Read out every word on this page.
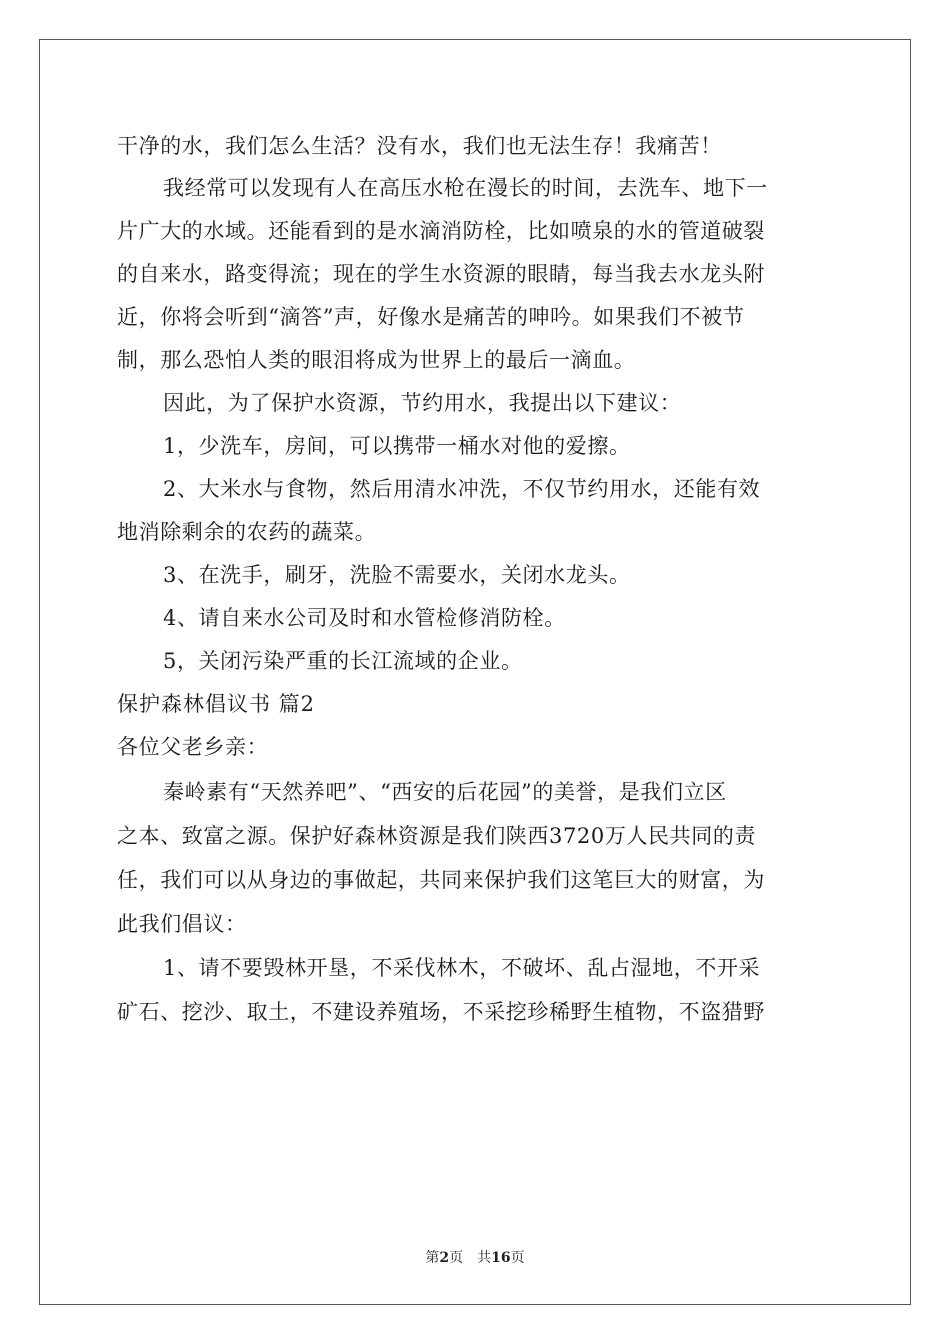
干净的水，我们怎么生活？没有水，我们也无法生存！我痛苦！
我经常可以发现有人在高压水枪在漫长的时间，去洗车、地下一
片广大的水域。还能看到的是水滴消防栓，比如喷泉的水的管道破裂
的自来水，路变得流；现在的学生水资源的眼睛，每当我去水龙头附
近，你将会听到“滴答”声，好像水是痛苦的呻吟。如果我们不被节
制，那么恐怕人类的眼泪将成为世界上的最后一滴血。
因此，为了保护水资源，节约用水，我提出以下建议：
1，少洗车，房间，可以携带一桶水对他的爱擦。
2、大米水与食物，然后用清水冲洗，不仅节约用水，还能有效
地消除剩余的农药的蔬菜。
3、在洗手，刷牙，洗脸不需要水，关闭水龙头。
4、请自来水公司及时和水管检修消防栓。
5，关闭污染严重的长江流域的企业。
保护森林倡议书 篇2
各位父老乡亲：
秦岭素有“天然养吧”、“西安的后花园”的美誉，是我们立区
之本、致富之源。保护好森林资源是我们陕西3720万人民共同的责
任，我们可以从身边的事做起，共同来保护我们这笔巨大的财富，为
此我们倡议：
1、请不要毁林开垦，不采伐林木，不破坏、乱占湿地，不开采
矿石、挖沙、取土，不建设养殖场，不采挖珍稀野生植物，不盗猎野
第2页　共16页
